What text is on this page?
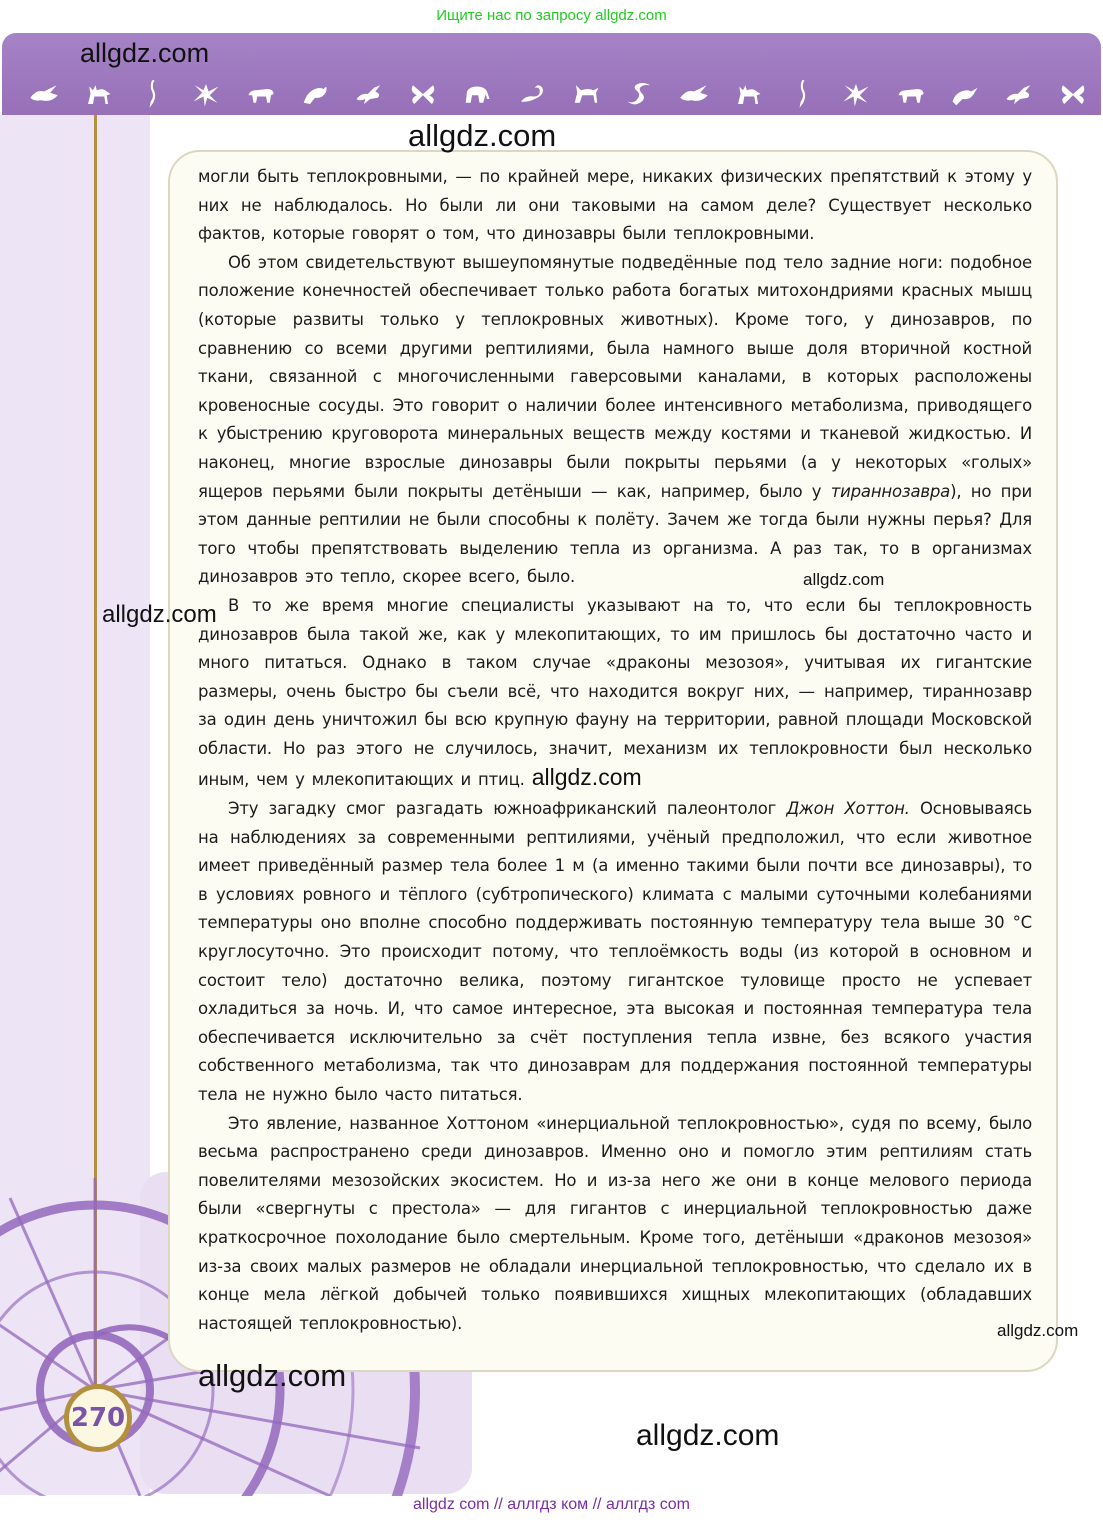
Ищите нас по запросу allgdz.com
allgdz.com
270

могли быть теплокровными, — по крайней мере, никаких физических препятствий к этому у них не наблюдалось. Но были ли они таковыми на самом деле? Существует несколько фактов, которые говорят о том, что динозавры были теплокровными.

Об этом свидетельствуют вышеупомянутые подведённые под тело задние ноги: подобное положение конечностей обеспечивает только работа богатых митохондриями красных мышц (которые развиты только у теплокровных животных). Кроме того, у динозавров, по сравнению со всеми другими рептилиями, была намного выше доля вторичной костной ткани, связанной с многочисленными гаверсовыми каналами, в которых расположены кровеносные сосуды. Это говорит о наличии более интенсивного метаболизма, приводящего к убыстрению круговорота минеральных веществ между костями и тканевой жидкостью. И наконец, многие взрослые динозавры были покрыты перьями (а у некоторых «голых» ящеров перьями были покрыты детёныши — как, например, было у тираннозавра), но при этом данные рептилии не были способны к полёту. Зачем же тогда были нужны перья? Для того чтобы препятствовать выделению тепла из организма. А раз так, то в организмах динозавров это тепло, скорее всего, было.

В то же время многие специалисты указывают на то, что если бы теплокровность динозавров была такой же, как у млекопитающих, то им пришлось бы достаточно часто и много питаться. Однако в таком случае «драконы мезозоя», учитывая их гигантские размеры, очень быстро бы съели всё, что находится вокруг них, — например, тираннозавр за один день уничтожил бы всю крупную фауну на территории, равной площади Московской области. Но раз этого не случилось, значит, механизм их теплокровности был несколько иным, чем у млекопитающих и птиц. allgdz.com

Эту загадку смог разгадать южноафриканский палеонтолог Джон Хоттон. Основываясь на наблюдениях за современными рептилиями, учёный предположил, что если животное имеет приведённый размер тела более 1 м (а именно такими были почти все динозавры), то в условиях ровного и тёплого (субтропического) климата с малыми суточными колебаниями температуры оно вполне способно поддерживать постоянную температуру тела выше 30 °C круглосуточно. Это происходит потому, что теплоёмкость воды (из которой в основном и состоит тело) достаточно велика, поэтому гигантское туловище просто не успевает охладиться за ночь. И, что самое интересное, эта высокая и постоянная температура тела обеспечивается исключительно за счёт поступления тепла извне, без всякого участия собственного метаболизма, так что динозаврам для поддержания постоянной температуры тела не нужно было часто питаться.

Это явление, названное Хоттоном «инерциальной теплокровностью», судя по всему, было весьма распространено среди динозавров. Именно оно и помогло этим рептилиям стать повелителями мезозойских экосистем. Но и из-за него же они в конце мелового периода были «свергнуты с престола» — для гигантов с инерциальной теплокровностью даже краткосрочное похолодание было смертельным. Кроме того, детёныши «драконов мезозоя» из-за своих малых размеров не обладали инерциальной теплокровностью, что сделало их в конце мела лёгкой добычей только появившихся хищных млекопитающих (обладавших настоящей теплокровностью).

allgdz.com
allgdz.com
allgdz.com
allgdz.com
allgdz.com
allgdz.com
allgdz com // аллгдз ком // аллгдз com
